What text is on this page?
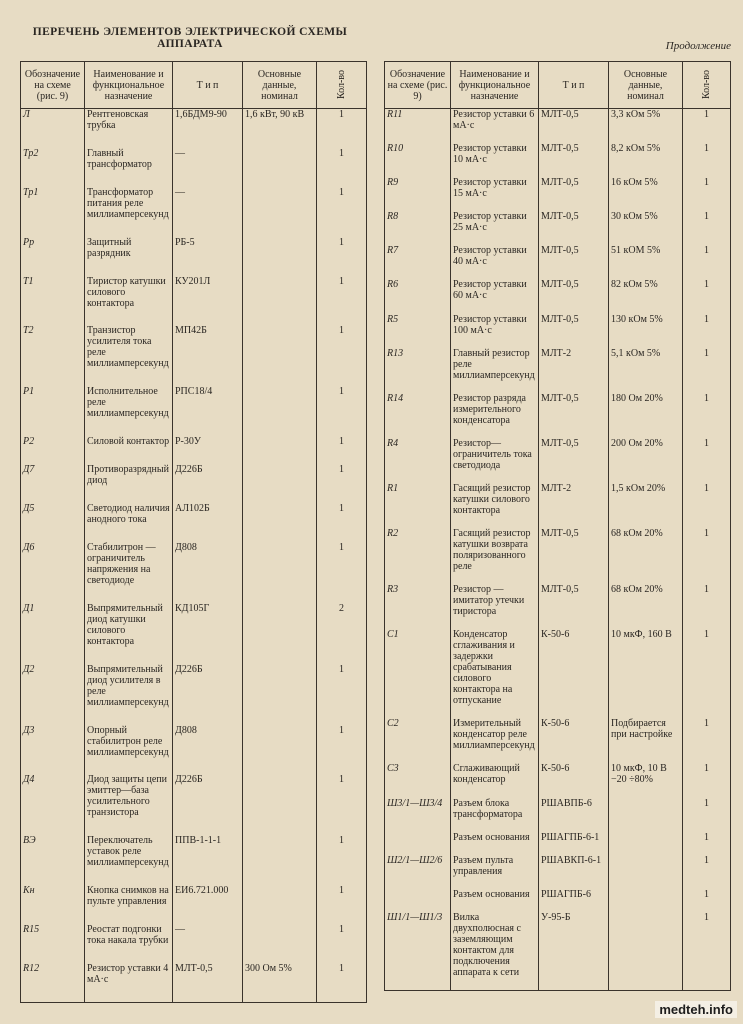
ПЕРЕЧЕНЬ ЭЛЕМЕНТОВ ЭЛЕКТРИЧЕСКОЙ СХЕМЫ
АППАРАТА	Продолжение
Обозначение на схеме (рис. 9)	Наименование и функциональное назначение	Т и п	Основные данные, номинал	Кол-во

Л	Рентгеновская трубка	1,6БДМ9-90	1,6 кВт, 90 кВ	1
Тр2	Главный трансформатор	—		1
Тр1	Трансформатор питания реле миллиамперсекунд	—		1
Рр	Защитный разрядник	РБ-5		1
Т1	Тиристор катушки силового контактора	КУ201Л		1
Т2	Транзистор усилителя тока реле миллиамперсекунд	МП42Б		1
Р1	Исполнительное реле миллиамперсекунд	РПС18/4		1
Р2	Силовой контактор	Р-30У		1
Д7	Противоразрядный диод	Д226Б		1
Д5	Светодиод наличия анодного тока	АЛ102Б		1
Д6	Стабилитрон — ограничитель напряжения на светодиоде	Д808		1
Д1	Выпрямительный диод катушки силового контактора	КД105Г		2
Д2	Выпрямительный диод усилителя в реле миллиамперсекунд	Д226Б		1
Д3	Опорный стабилитрон реле миллиамперсекунд	Д808		1
Д4	Диод защиты цепи эмиттер—база усилительного транзистора	Д226Б		1
ВЭ	Переключатель уставок реле миллиамперсекунд	ППВ-1-1-1		1
Кн	Кнопка снимков на пульте управления	ЕИ6.721.000		1
R15	Реостат подгонки тока накала трубки	—		1
R12	Резистор уставки 4 мА·с	МЛТ-0,5	300 Ом 5%	1
Обозначение на схеме (рис. 9)	Наименование и функциональное назначение	Т и п	Основные данные, номинал	Кол-во

R11	Резистор уставки 6 мА·с	МЛТ-0,5	3,3 кОм 5%	1
R10	Резистор уставки 10 мА·с	МЛТ-0,5	8,2 кОм 5%	1
R9	Резистор уставки 15 мА·с	МЛТ-0,5	16 кОм 5%	1
R8	Резистор уставки 25 мА·с	МЛТ-0,5	30 кОм 5%	1
R7	Резистор уставки 40 мА·с	МЛТ-0,5	51 кОМ 5%	1
R6	Резистор уставки 60 мА·с	МЛТ-0,5	82 кОм 5%	1
R5	Резистор уставки 100 мА·с	МЛТ-0,5	130 кОм 5%	1
R13	Главный резистор реле миллиамперсекунд	МЛТ-2	5,1 кОм 5%	1
R14	Резистор разряда измерительного конденсатора	МЛТ-0,5	180 Ом 20%	1
R4	Резистор—ограничитель тока светодиода	МЛТ-0,5	200 Ом 20%	1
R1	Гасящий резистор катушки силового контактора	МЛТ-2	1,5 кОм 20%	1
R2	Гасящий резистор катушки возврата поляризованного реле	МЛТ-0,5	68 кОм 20%	1
R3	Резистор — имитатор утечки тиристора	МЛТ-0,5	68 кОм 20%	1
С1	Конденсатор сглаживания и задержки срабатывания силового контактора на отпускание	К-50-6	10 мкФ, 160 В	1
С2	Измерительный конденсатор реле миллиамперсекунд	К-50-6	Подбирается при настройке	1
С3	Сглаживающий конденсатор	К-50-6	10 мкФ, 10 В −20 ÷80%	1
Ш3/1—Ш3/4	Разъем блока трансформатора	РШАВПБ-6		1
	Разъем основания	РШАГПБ-6-1		1
Ш2/1—Ш2/6	Разъем пульта управления	РШАВКП-6-1		1
	Разъем основания	РШАГПБ-6		1
Ш1/1—Ш1/3	Вилка двухполюсная с заземляющим контактом для подключения аппарата к сети	У-95-Б		1
medteh.info
